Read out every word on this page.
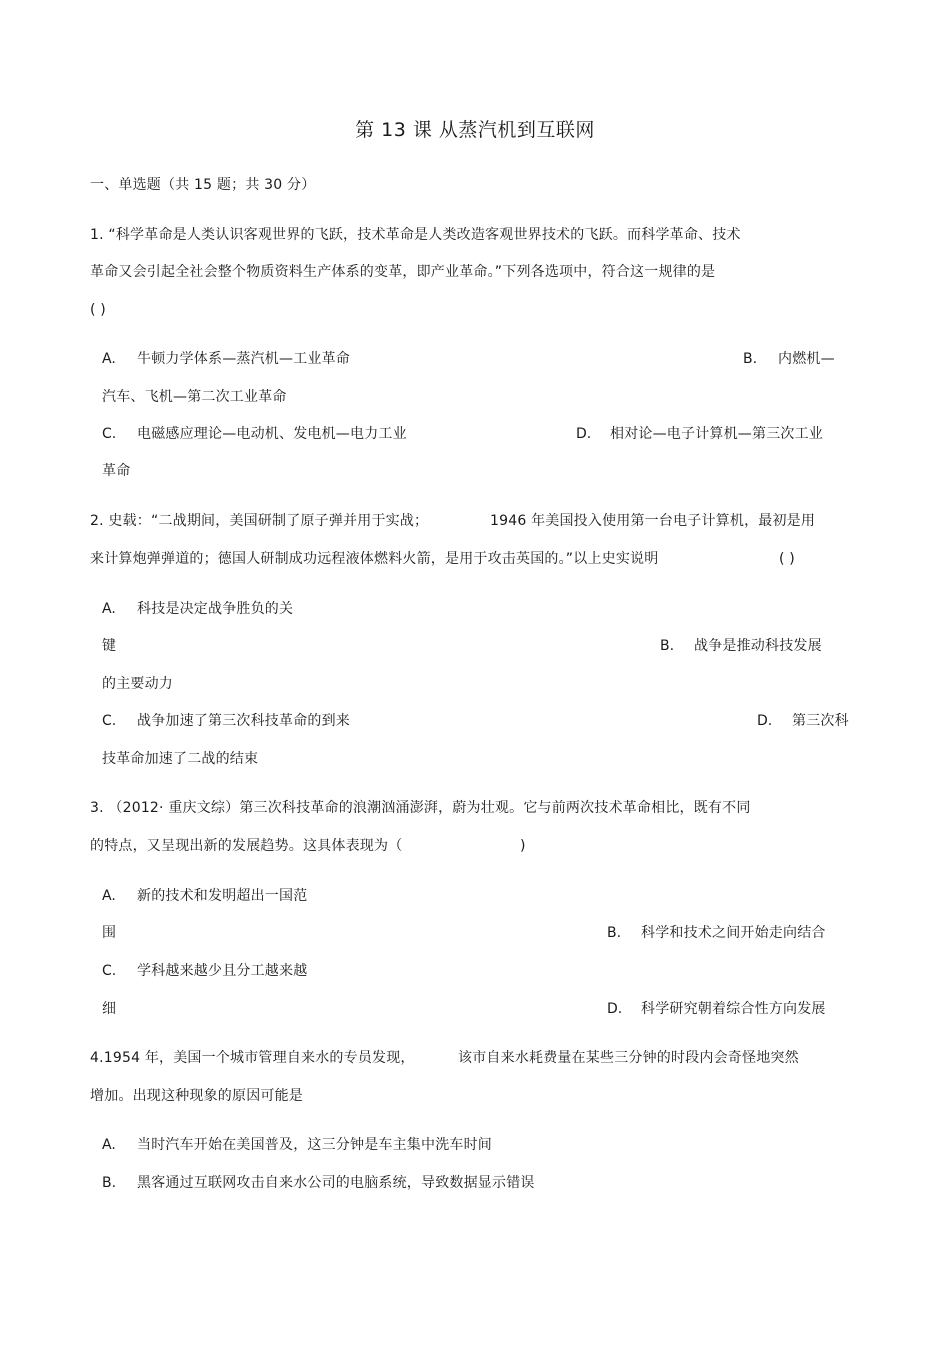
第 13 课 从蒸汽机到互联网
一、单选题（共 15 题；共 30 分）
1. “科学革命是人类认识客观世界的飞跃，技术革命是人类改造客观世界技术的飞跃。而科学革命、技术
革命又会引起全社会整个物质资料生产体系的变革，即产业革命。”下列各选项中，符合这一规律的是
( )
A. 牛顿力学体系—蒸汽机—工业革命	B. 内燃机—
汽车、飞机—第二次工业革命
C. 电磁感应理论—电动机、发电机—电力工业	D. 相对论—电子计算机—第三次工业
革命
2. 史载：“二战期间，美国研制了原子弹并用于实战；	1946 年美国投入使用第一台电子计算机，最初是用
来计算炮弹弹道的；德国人研制成功远程液体燃料火箭，是用于攻击英国的。”以上史实说明	( )
A. 科技是决定战争胜负的关
键	B. 战争是推动科技发展
的主要动力
C. 战争加速了第三次科技革命的到来	D. 第三次科
技革命加速了二战的结束
3. （2012· 重庆文综）第三次科技革命的浪潮汹涌澎湃，蔚为壮观。它与前两次技术革命相比，既有不同
的特点，又呈现出新的发展趋势。这具体表现为（	)
A. 新的技术和发明超出一国范
围	B. 科学和技术之间开始走向结合
C. 学科越来越少且分工越来越
细	D. 科学研究朝着综合性方向发展
4.1954 年，美国一个城市管理自来水的专员发现，	该市自来水耗费量在某些三分钟的时段内会奇怪地突然
增加。出现这种现象的原因可能是
A. 当时汽车开始在美国普及，这三分钟是车主集中洗车时间
B. 黑客通过互联网攻击自来水公司的电脑系统，导致数据显示错误
